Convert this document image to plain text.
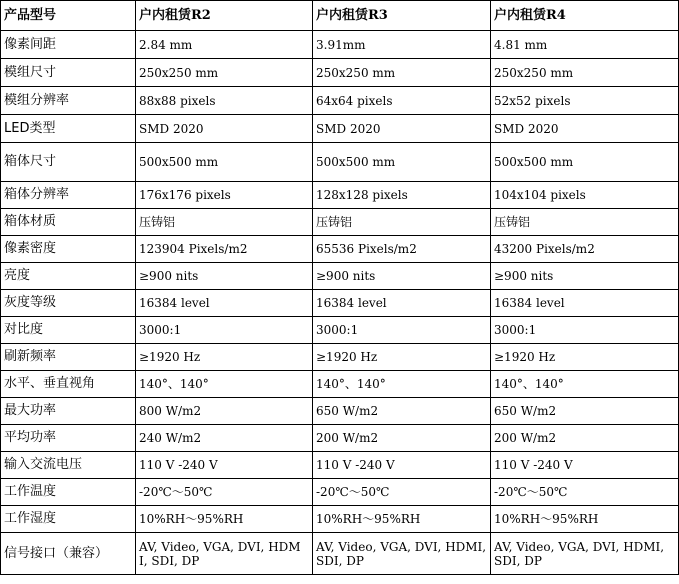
产品型号	户内租赁R2	户内租赁R3	户内租赁R4
像素间距	2.84 mm	3.91mm	4.81 mm
模组尺寸	250x250 mm	250x250 mm	250x250 mm
模组分辨率	88x88 pixels	64x64 pixels	52x52 pixels
LED类型	SMD 2020	SMD 2020	SMD 2020
箱体尺寸	500x500 mm	500x500 mm	500x500 mm
箱体分辨率	176x176 pixels	128x128 pixels	104x104 pixels
箱体材质	压铸铝	压铸铝	压铸铝
像素密度	123904 Pixels/m2	65536 Pixels/m2	43200 Pixels/m2
亮度	≥900 nits	≥900 nits	≥900 nits
灰度等级	16384 level	16384 level	16384 level
对比度	3000:1	3000:1	3000:1
刷新频率	≥1920 Hz	≥1920 Hz	≥1920 Hz
水平、垂直视角	140°、140°	140°、140°	140°、140°
最大功率	800 W/m2	650 W/m2	650 W/m2
平均功率	240 W/m2	200 W/m2	200 W/m2
输入交流电压	110 V -240 V	110 V -240 V	110 V -240 V
工作温度	-20℃～50℃	-20℃～50℃	-20℃～50℃
工作湿度	10%RH～95%RH	10%RH～95%RH	10%RH～95%RH
信号接口（兼容）	AV, Video, VGA, DVI, HDMI, SDI, DP	AV, Video, VGA, DVI, HDMI, SDI, DP	AV, Video, VGA, DVI, HDMI, SDI, DP
